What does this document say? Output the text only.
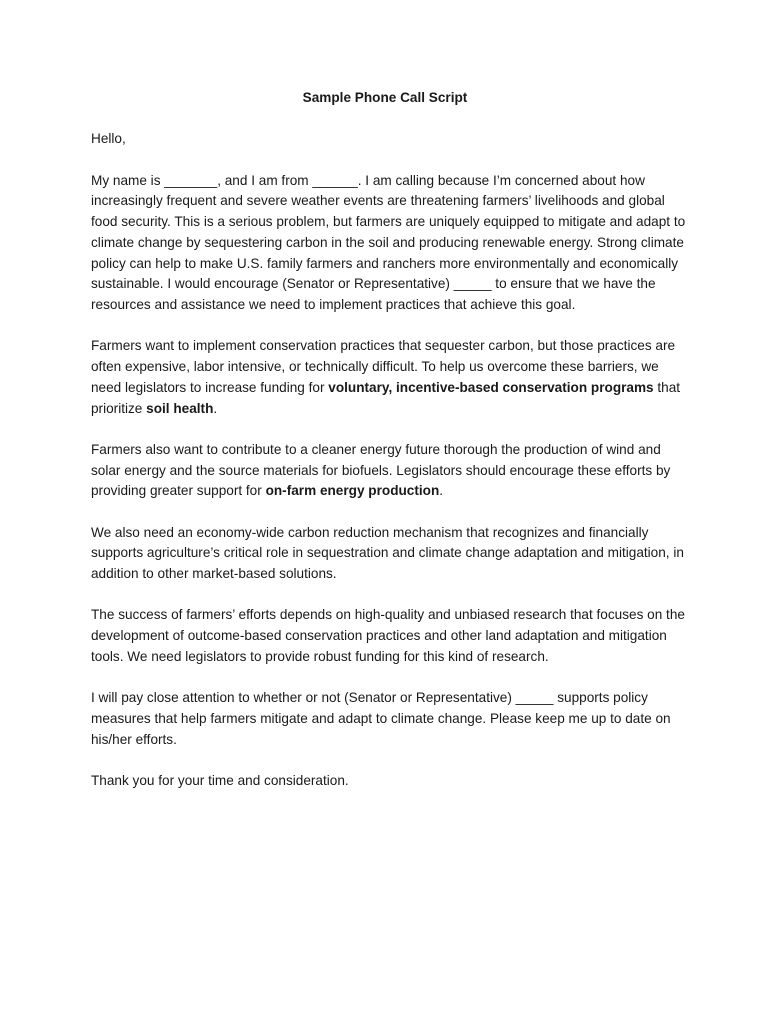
Sample Phone Call Script

Hello,

My name is _______, and I am from ______. I am calling because I’m concerned about how increasingly frequent and severe weather events are threatening farmers’ livelihoods and global food security. This is a serious problem, but farmers are uniquely equipped to mitigate and adapt to climate change by sequestering carbon in the soil and producing renewable energy. Strong climate policy can help to make U.S. family farmers and ranchers more environmentally and economically sustainable. I would encourage (Senator or Representative) _____ to ensure that we have the resources and assistance we need to implement practices that achieve this goal.

Farmers want to implement conservation practices that sequester carbon, but those practices are often expensive, labor intensive, or technically difficult. To help us overcome these barriers, we need legislators to increase funding for voluntary, incentive-based conservation programs that prioritize soil health.

Farmers also want to contribute to a cleaner energy future thorough the production of wind and solar energy and the source materials for biofuels. Legislators should encourage these efforts by providing greater support for on-farm energy production.

We also need an economy-wide carbon reduction mechanism that recognizes and financially supports agriculture’s critical role in sequestration and climate change adaptation and mitigation, in addition to other market-based solutions.

The success of farmers’ efforts depends on high-quality and unbiased research that focuses on the development of outcome-based conservation practices and other land adaptation and mitigation tools. We need legislators to provide robust funding for this kind of research.

I will pay close attention to whether or not (Senator or Representative) _____ supports policy measures that help farmers mitigate and adapt to climate change. Please keep me up to date on his/her efforts.

Thank you for your time and consideration.
